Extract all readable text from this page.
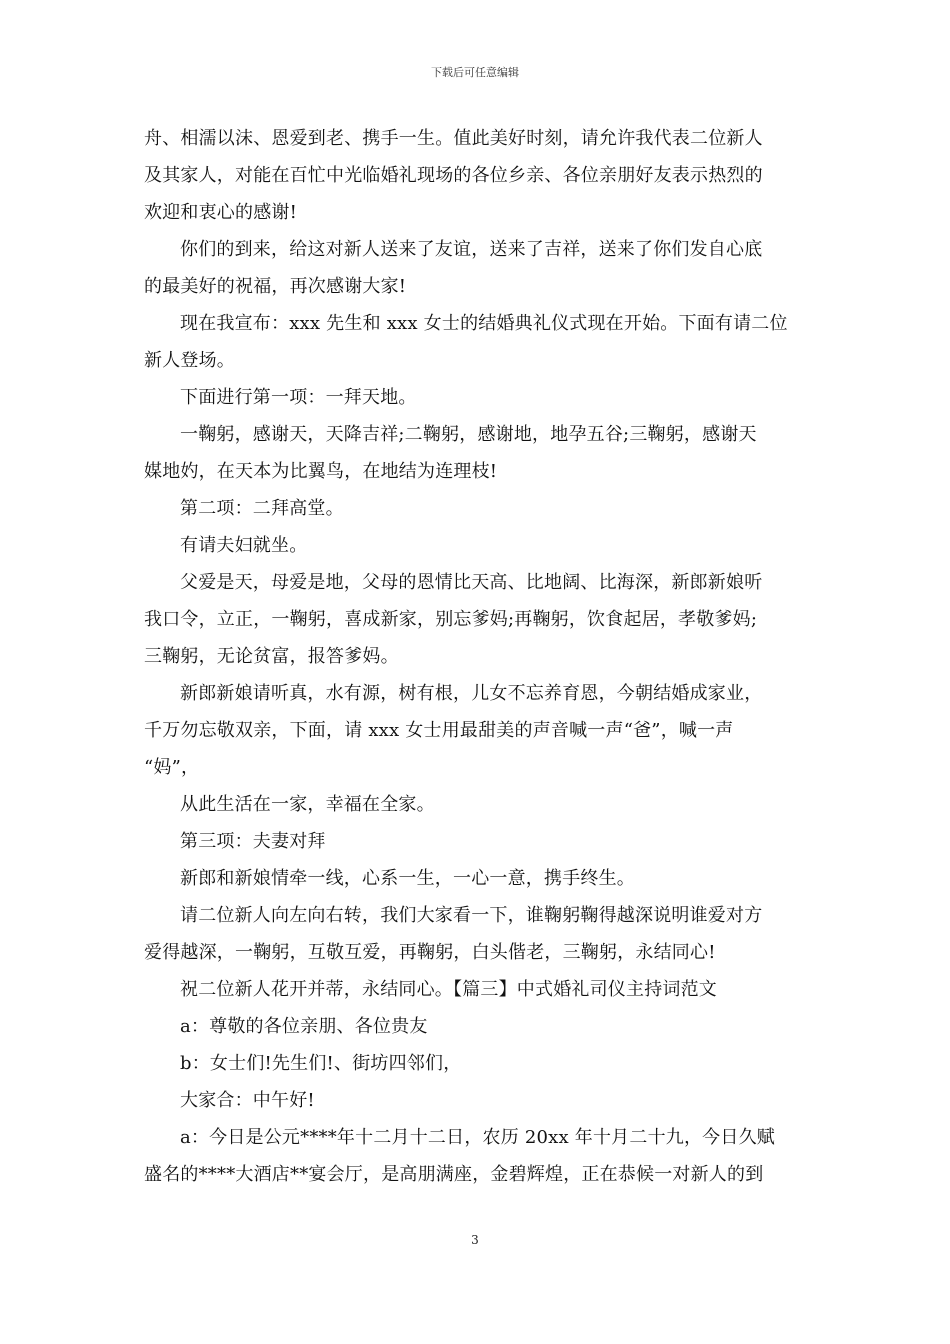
下载后可任意编辑

舟、相濡以沫、恩爱到老、携手一生。值此美好时刻，请允许我代表二位新人
及其家人，对能在百忙中光临婚礼现场的各位乡亲、各位亲朋好友表示热烈的
欢迎和衷心的感谢!

你们的到来，给这对新人送来了友谊，送来了吉祥，送来了你们发自心底
的最美好的祝福，再次感谢大家!

现在我宣布：xxx 先生和 xxx 女士的结婚典礼仪式现在开始。下面有请二位
新人登场。

下面进行第一项：一拜天地。

一鞠躬，感谢天，天降吉祥;二鞠躬，感谢地，地孕五谷;三鞠躬，感谢天
媒地妁，在天本为比翼鸟，在地结为连理枝!

第二项：二拜高堂。

有请夫妇就坐。

父爱是天，母爱是地，父母的恩情比天高、比地阔、比海深，新郎新娘听
我口令，立正，一鞠躬，喜成新家，别忘爹妈;再鞠躬，饮食起居，孝敬爹妈;
三鞠躬，无论贫富，报答爹妈。

新郎新娘请听真，水有源，树有根，儿女不忘养育恩，今朝结婚成家业，
千万勿忘敬双亲，下面，请 xxx 女士用最甜美的声音喊一声“爸”，喊一声
“妈”，

从此生活在一家，幸福在全家。

第三项：夫妻对拜

新郎和新娘情牵一线，心系一生，一心一意，携手终生。

请二位新人向左向右转，我们大家看一下，谁鞠躬鞠得越深说明谁爱对方
爱得越深，一鞠躬，互敬互爱，再鞠躬，白头偕老，三鞠躬，永结同心!

祝二位新人花开并蒂，永结同心。【篇三】中式婚礼司仪主持词范文

a：尊敬的各位亲朋、各位贵友

b：女士们!先生们!、街坊四邻们，

大家合：中午好!

a：今日是公元****年十二月十二日，农历 20xx 年十月二十九，今日久赋
盛名的****大酒店**宴会厅，是高朋满座，金碧辉煌，正在恭候一对新人的到

3
